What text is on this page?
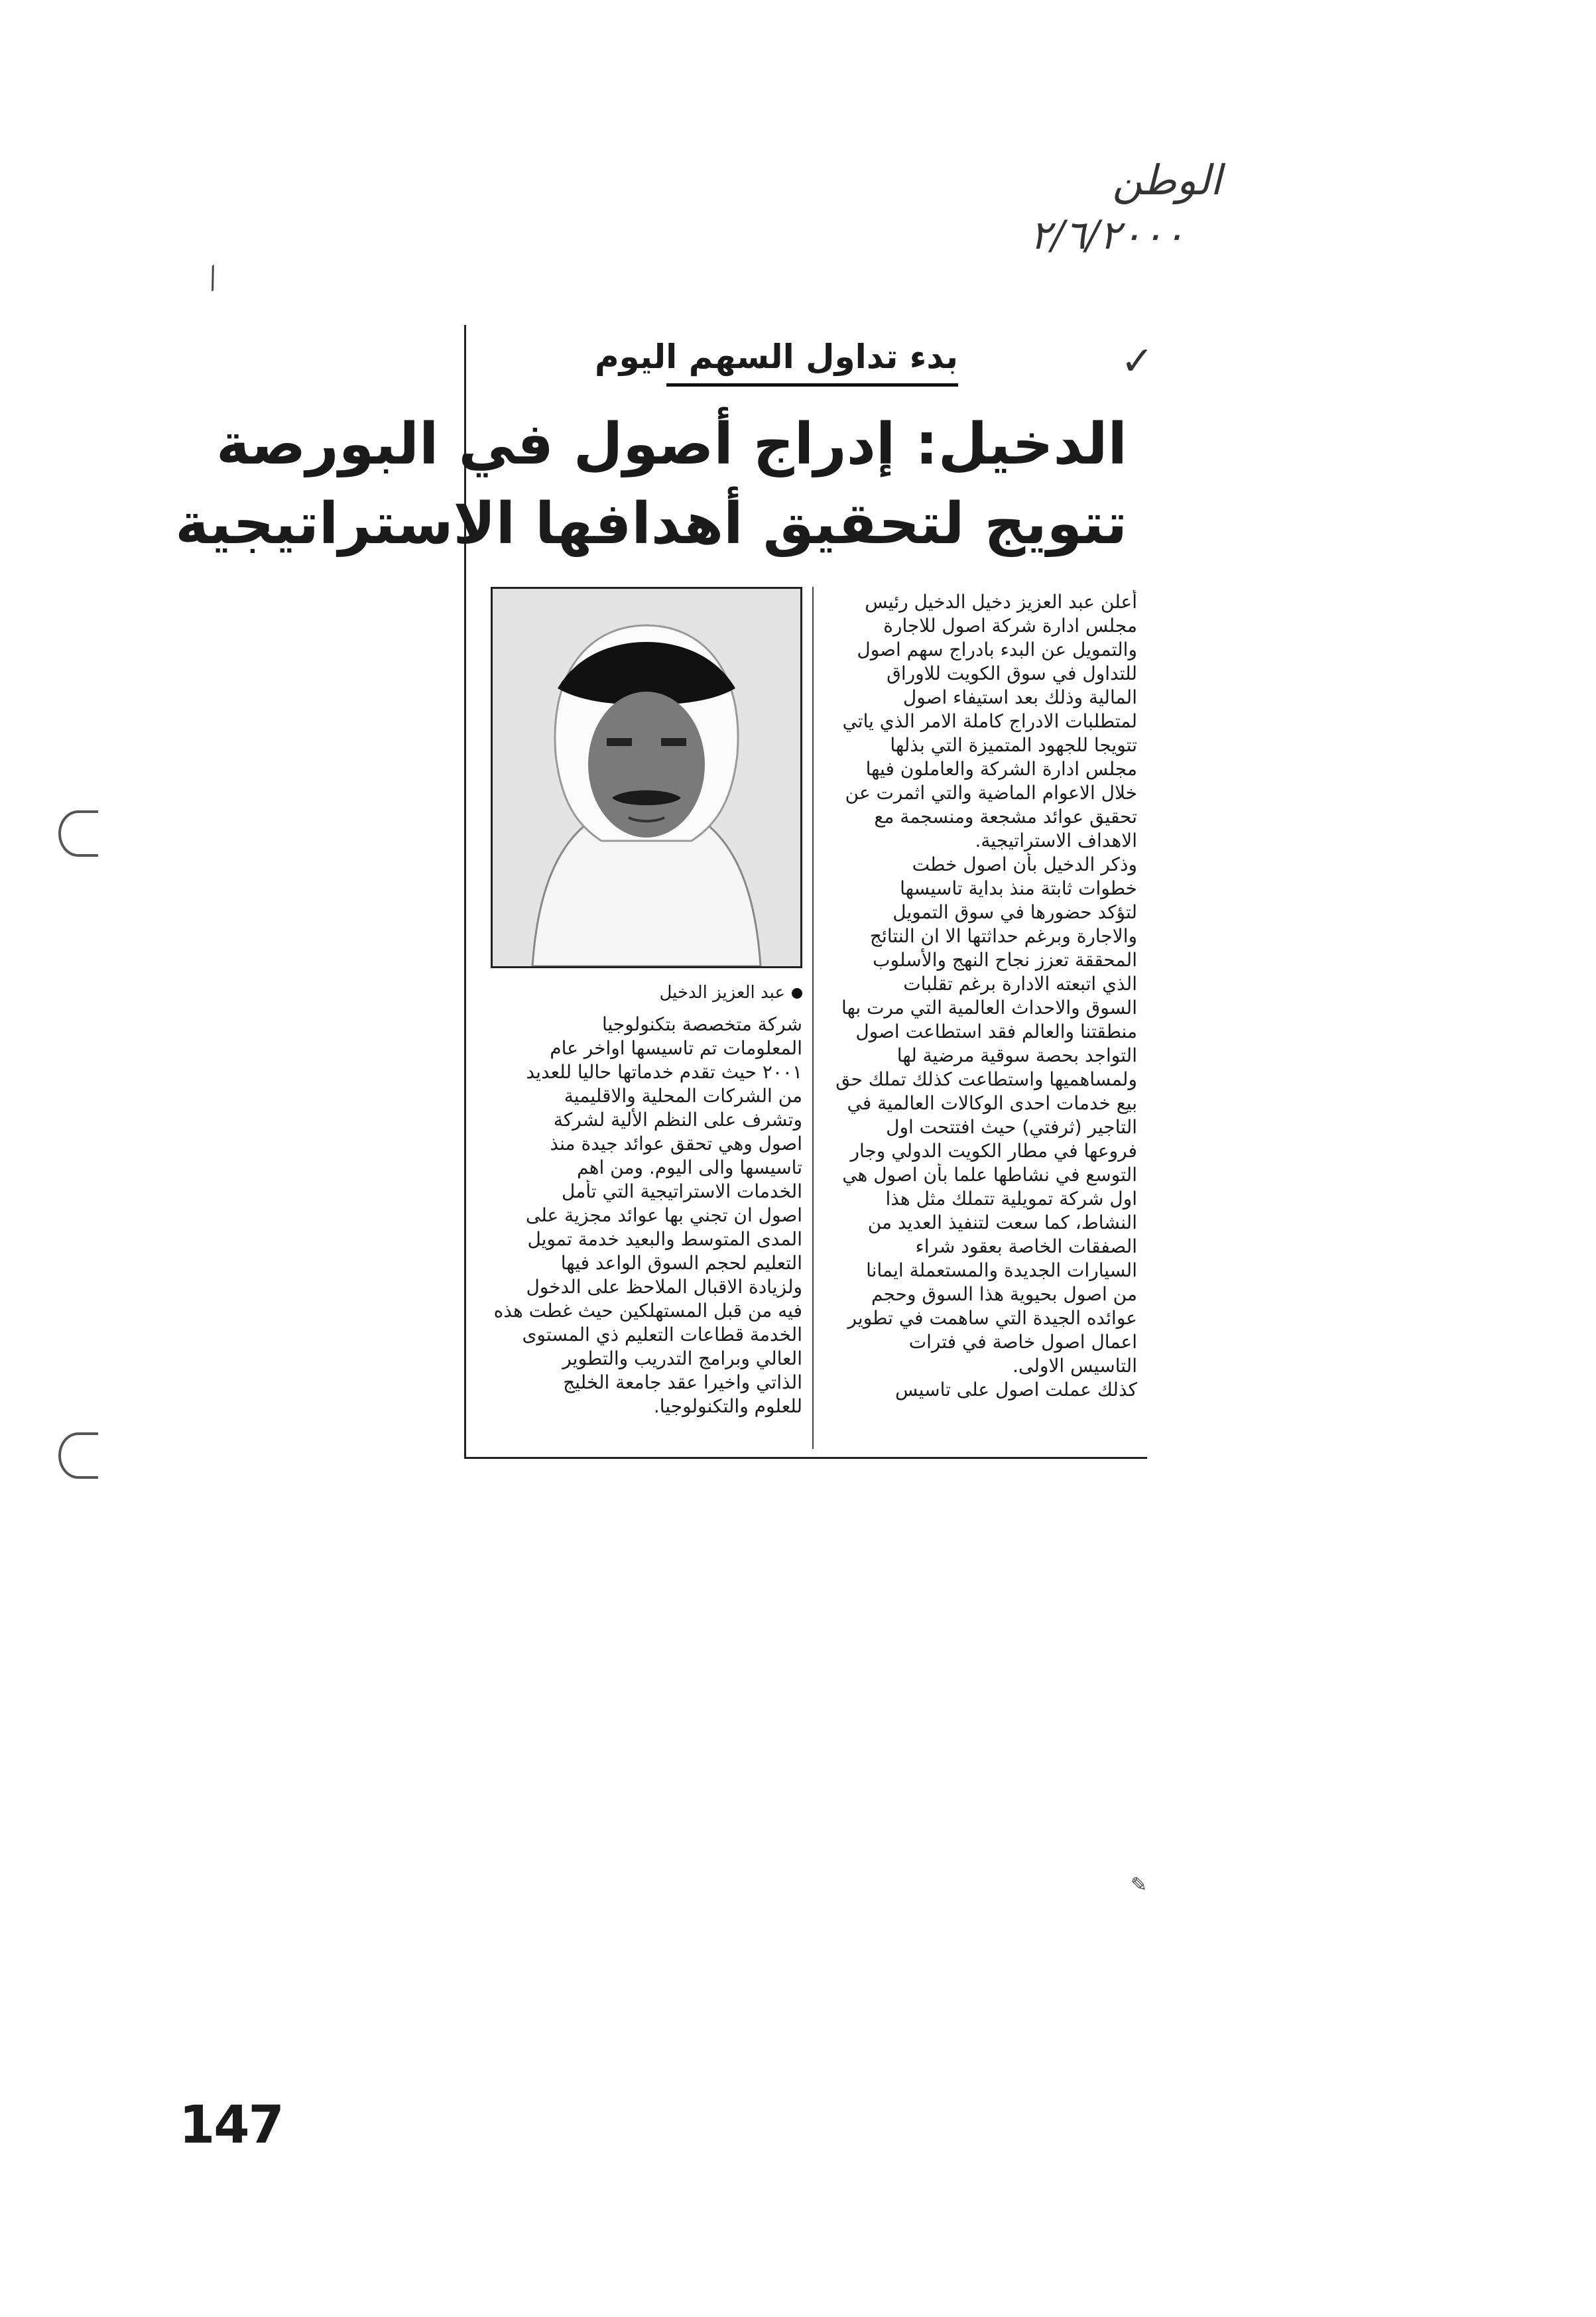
الوطن
٢/٦/٢٠٠٠
⁄
✎
✓
بدء تداول السهم اليوم
الدخيل: إدراج أصول في البورصة
تتويج لتحقيق أهدافها الاستراتيجية
عبد العزيز الدخيل

أعلن عبد العزيز دخيل الدخيل رئيس

مجلس ادارة شركة اصول للاجارة

والتمويل عن البدء بادراج سهم اصول

للتداول في سوق الكويت للاوراق

المالية وذلك بعد استيفاء اصول

لمتطلبات الادراج كاملة الامر الذي ياتي

تتويجا للجهود المتميزة التي بذلها

مجلس ادارة الشركة والعاملون فيها

خلال الاعوام الماضية والتي اثمرت عن

تحقيق عوائد مشجعة ومنسجمة مع

الاهداف الاستراتيجية.

وذكر الدخيل بأن اصول خطت

خطوات ثابتة منذ بداية تاسيسها

لتؤكد حضورها في سوق التمويل

والاجارة وبرغم حداثتها الا ان النتائج

المحققة تعزز نجاح النهج والأسلوب

الذي اتبعته الادارة برغم تقلبات

السوق والاحداث العالمية التي مرت بها

منطقتنا والعالم فقد استطاعت اصول

التواجد بحصة سوقية مرضية لها

ولمساهميها واستطاعت كذلك تملك حق

بيع خدمات احدى الوكالات العالمية في

التاجير (ثرفتي) حيث افتتحت اول

فروعها في مطار الكويت الدولي وجار

التوسع في نشاطها علما بأن اصول هي

اول شركة تمويلية تتملك مثل هذا

النشاط، كما سعت لتنفيذ العديد من

الصفقات الخاصة بعقود شراء

السيارات الجديدة والمستعملة ايمانا

من اصول بحيوية هذا السوق وحجم

عوائده الجيدة التي ساهمت في تطوير

اعمال اصول خاصة في فترات

التاسيس الاولى.

كذلك عملت اصول على تاسيس

شركة متخصصة بتكنولوجيا

المعلومات تم تاسيسها اواخر عام

٢٠٠١ حيث تقدم خدماتها حاليا للعديد

من الشركات المحلية والاقليمية

وتشرف على النظم الألية لشركة

اصول وهي تحقق عوائد جيدة منذ

تاسيسها والى اليوم. ومن اهم

الخدمات الاستراتيجية التي تأمل

اصول ان تجني بها عوائد مجزية على

المدى المتوسط والبعيد خدمة تمويل

التعليم لحجم السوق الواعد فيها

ولزيادة الاقبال الملاحظ على الدخول

فيه من قبل المستهلكين حيث غطت هذه

الخدمة قطاعات التعليم ذي المستوى

العالي وبرامج التدريب والتطوير

الذاتي واخيرا عقد جامعة الخليج

للعلوم والتكنولوجيا.

147
